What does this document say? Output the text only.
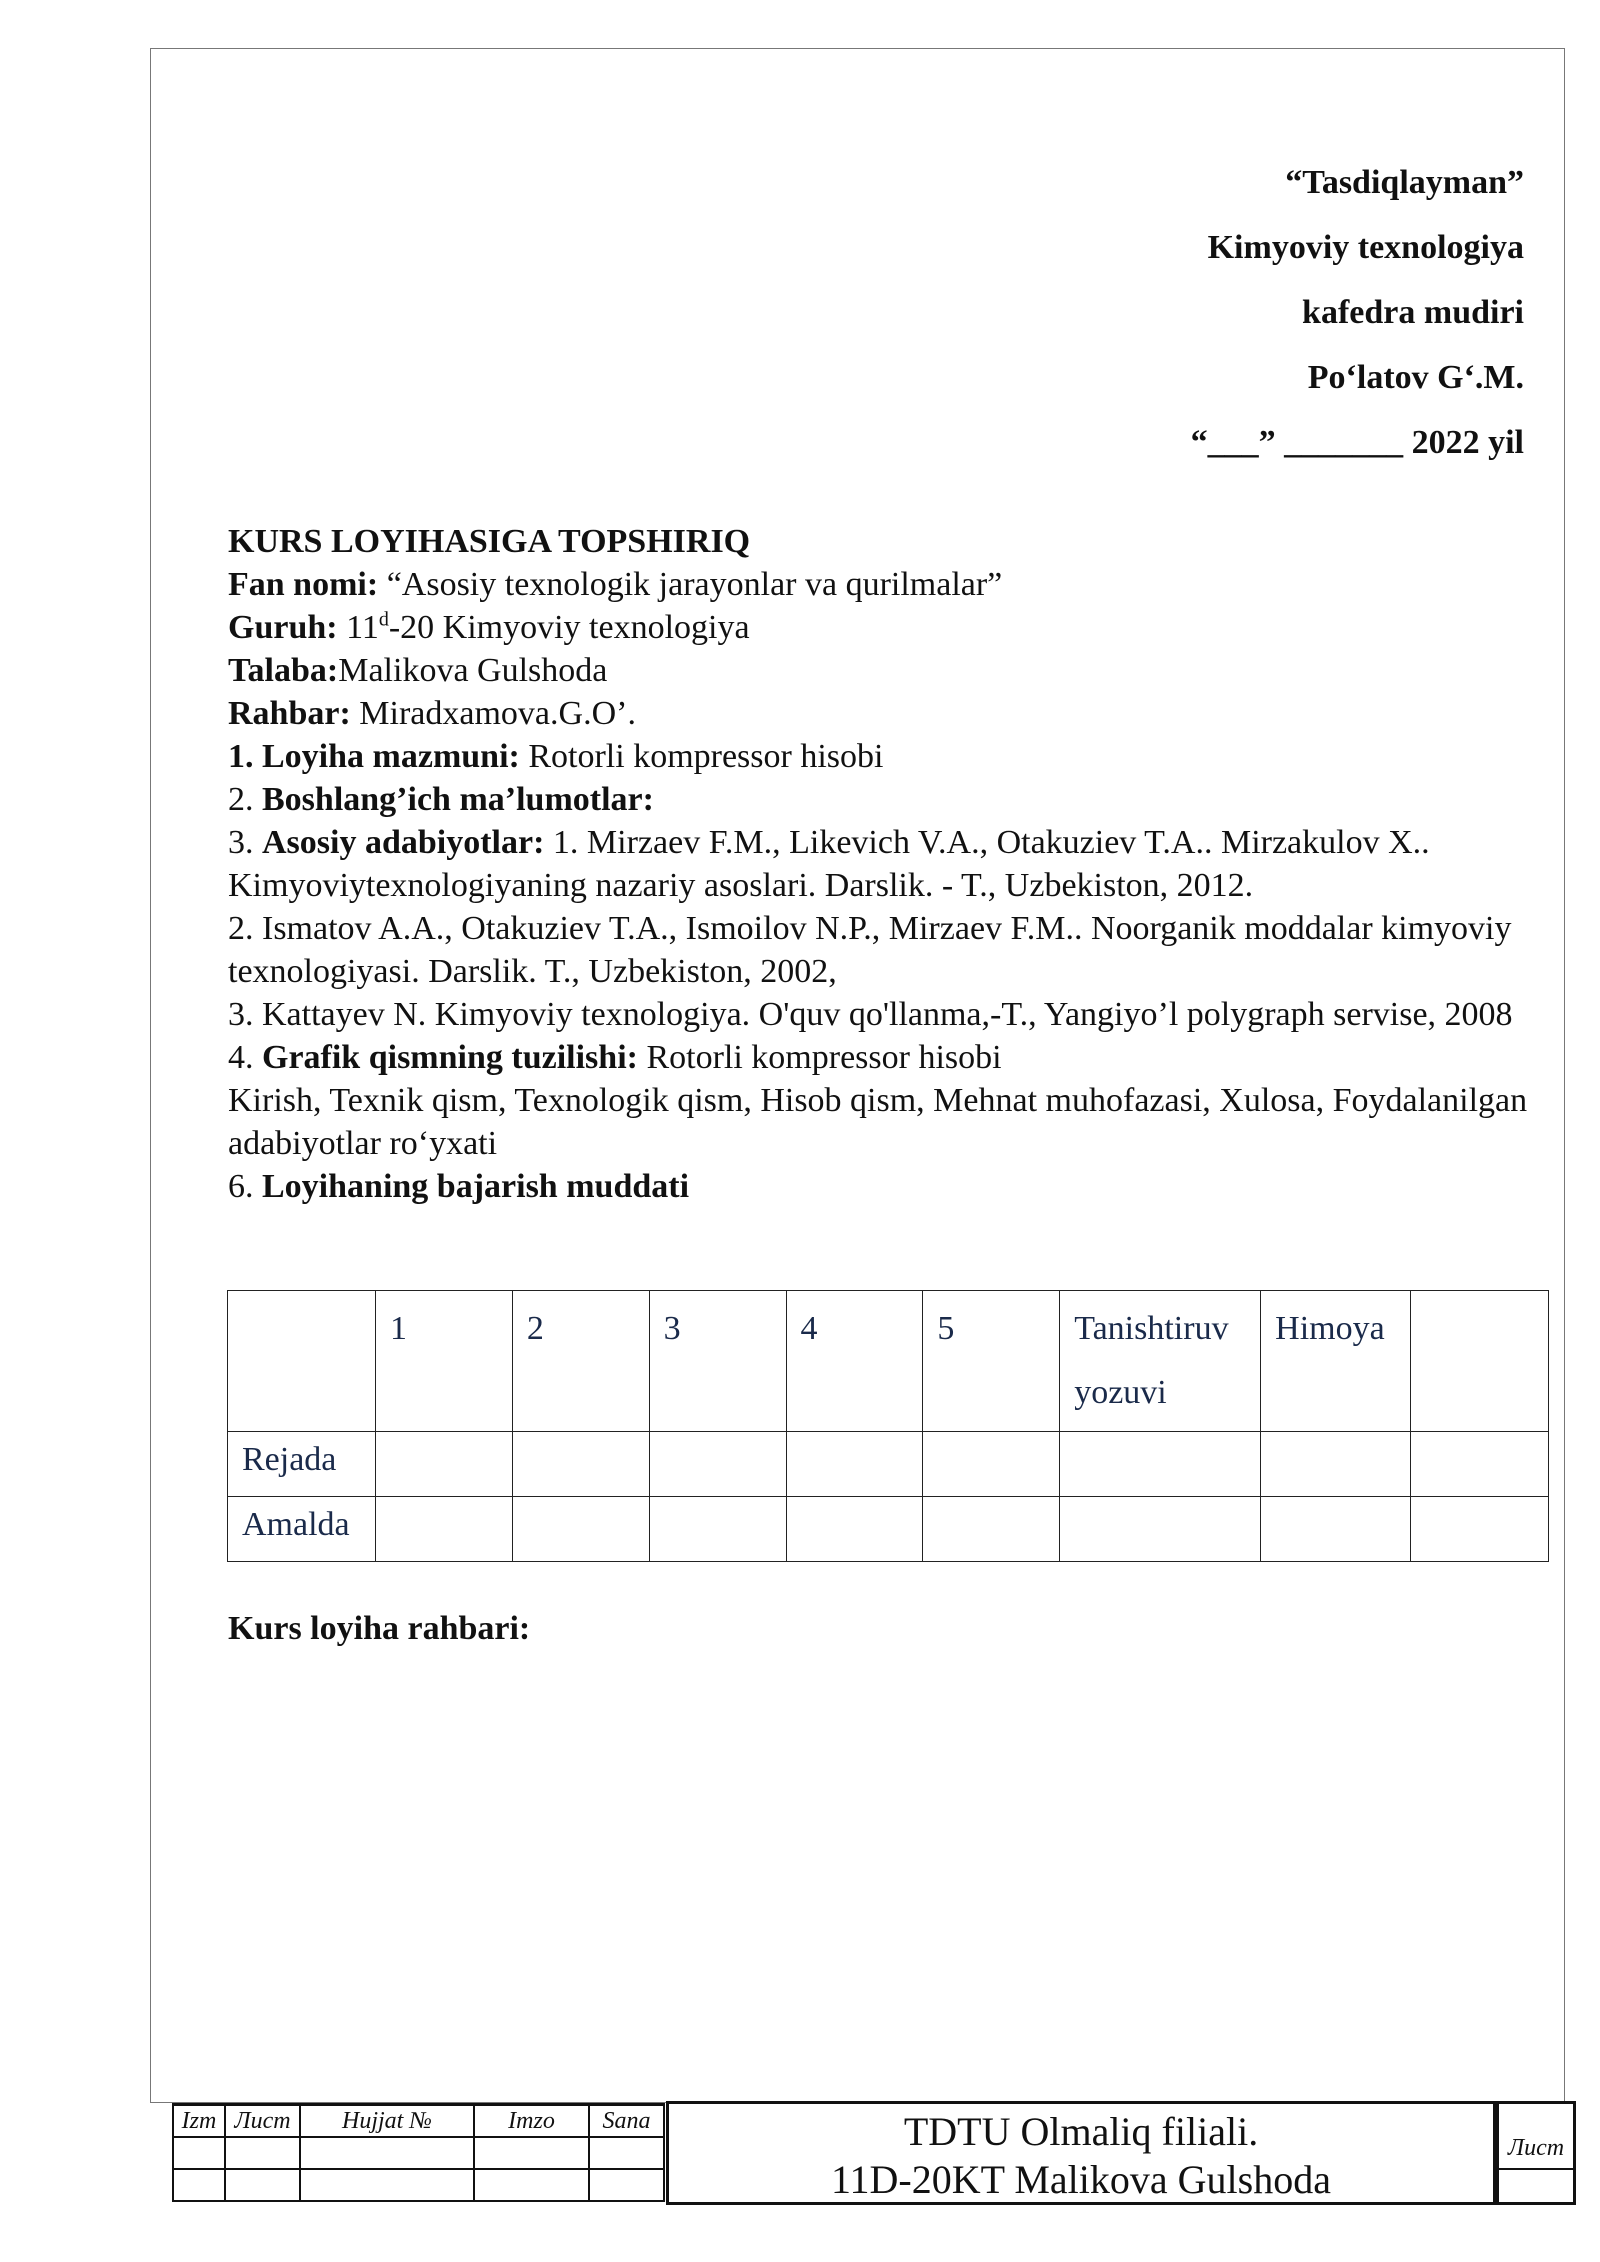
“Tasdiqlayman”
Kimyoviy texnologiya
kafedra mudiri
Po‘latov G‘.M.
“___” _______ 2022 yil

KURS LOYIHASIGA TOPSHIRIQ

Fan nomi: “Asosiy texnologik jarayonlar va qurilmalar”

Guruh: 11$^d$-20 Kimyoviy texnologiya

Talaba:Malikova Gulshoda

Rahbar: Miradxamova.G.O’.

1. Loyiha mazmuni: Rotorli kompressor hisobi

2. Boshlang’ich ma’lumotlar:

3. Asosiy adabiyotlar: 1. Mirzaev F.M., Likevich V.A., Otakuziev T.A.. Mirzakulov X.. Kimyoviytexnologiyaning nazariy asoslari. Darslik. - T., Uzbekiston, 2012.

2. Ismatov A.A., Otakuziev T.A., Ismoilov N.P., Mirzaev F.M.. Noorganik moddalar kimyoviy texnologiyasi. Darslik. T., Uzbekiston, 2002,

3. Kattayev N. Kimyoviy texnologiya. O'quv qo'llanma,-T., Yangiyo’l polygraph servise, 2008

4. Grafik qismning tuzilishi: Rotorli kompressor hisobi

Kirish, Texnik qism, Texnologik qism, Hisob qism, Mehnat muhofazasi, Xulosa, Foydalanilgan adabiyotlar ro‘yxati

6. Loyihaning bajarish muddati

	1	2	3	4	5	Tanishtiruv yozuvi	Himoya	
Rejada								
Amalda								
Kurs loyiha rahbari:
Izm	Лист	Hujjat №	Imzo	Sana

					TDTU Olmaliq filiali.
11D-20KT Malikova Gulshoda
Лист
